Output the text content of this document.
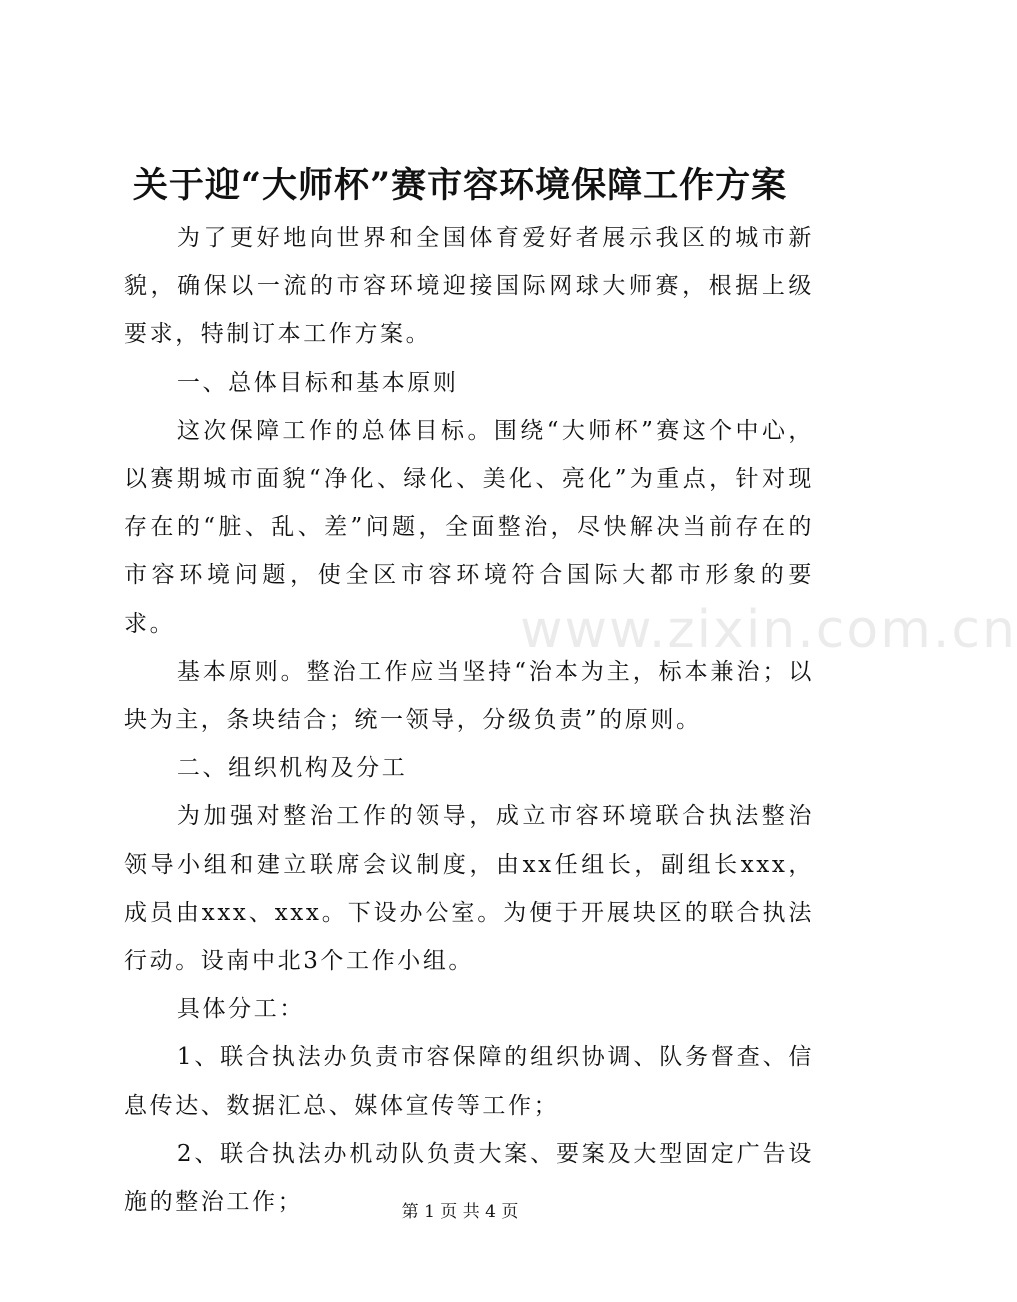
关于迎“大师杯”赛市容环境保障工作方案

为了更好地向世界和全国体育爱好者展示我区的城市新貌，确保以一流的市容环境迎接国际网球大师赛，根据上级要求，特制订本工作方案。

一、总体目标和基本原则

这次保障工作的总体目标。围绕“大师杯”赛这个中心，以赛期城市面貌“净化、绿化、美化、亮化”为重点，针对现存在的“脏、乱、差”问题，全面整治，尽快解决当前存在的市容环境问题，使全区市容环境符合国际大都市形象的要求。

基本原则。整治工作应当坚持“治本为主，标本兼治；以块为主，条块结合；统一领导，分级负责”的原则。

二、组织机构及分工

为加强对整治工作的领导，成立市容环境联合执法整治领导小组和建立联席会议制度，由xx任组长，副组长xxx，成员由xxx、xxx。下设办公室。为便于开展块区的联合执法行动。设南中北3个工作小组。

具体分工：

1、联合执法办负责市容保障的组织协调、队务督查、信息传达、数据汇总、媒体宣传等工作；

2、联合执法办机动队负责大案、要案及大型固定广告设施的整治工作；

www.zixin.com.cn
第 1 页 共 4 页
